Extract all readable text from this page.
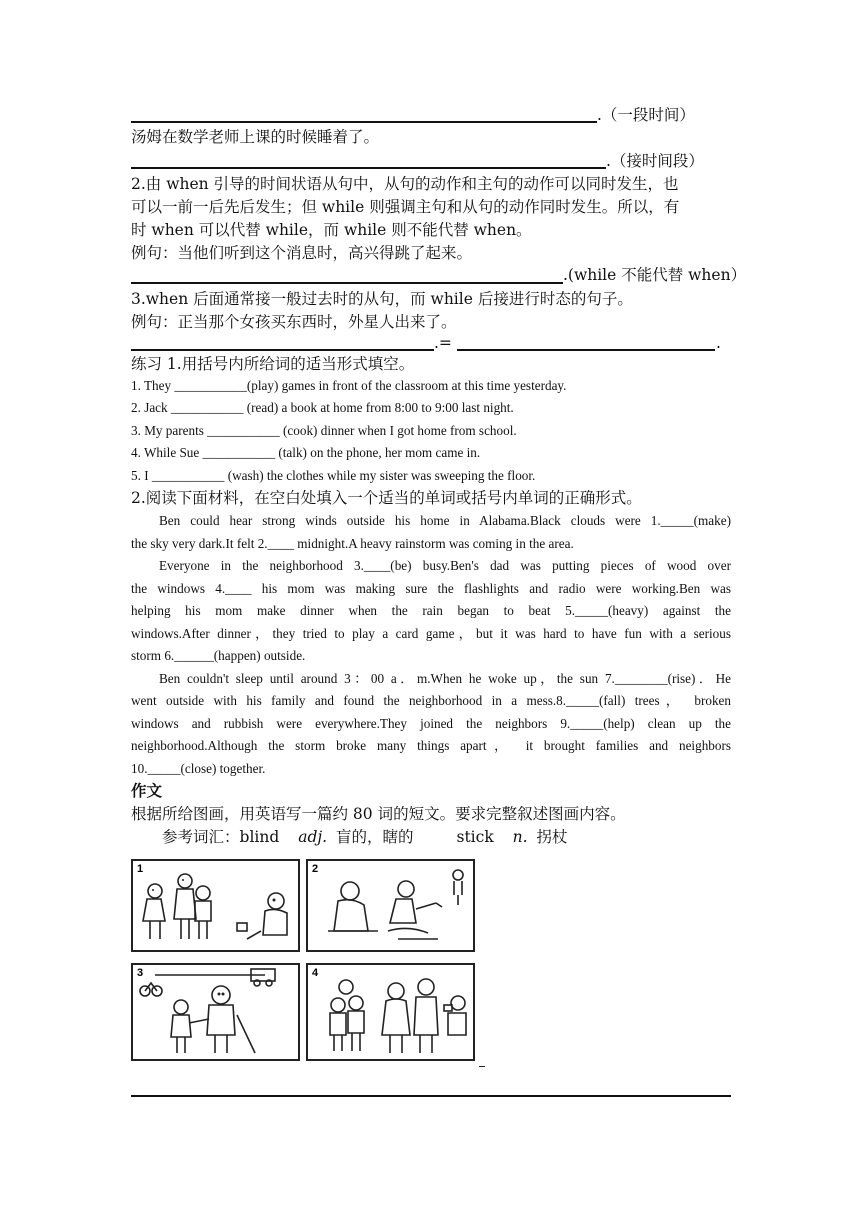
.（一段时间）
汤姆在数学老师上课的时候睡着了。
.（接时间段）
2.由 when 引导的时间状语从句中，从句的动作和主句的动作可以同时发生，也
可以一前一后先后发生；但 while 则强调主句和从句的动作同时发生。所以，有
时 when 可以代替 while，而 while 则不能代替 when。
例句：当他们听到这个消息时，高兴得跳了起来。
.(while 不能代替 when）
3.when 后面通常接一般过去时的从句，而 while 后接进行时态的句子。
例句：正当那个女孩买东西时，外星人出来了。
.=	.
练习 1.用括号内所给词的适当形式填空。
1. They ___________(play) games in front of the classroom at this time yesterday.
2. Jack ___________ (read) a book at home from 8:00 to 9:00 last night.
3. My parents ___________ (cook) dinner when I got home from school.
4. While Sue ___________ (talk) on the phone, her mom came in.
5. I ___________ (wash) the clothes while my sister was sweeping the floor.
2.阅读下面材料，在空白处填入一个适当的单词或括号内单词的正确形式。
Ben could hear strong winds outside his home in Alabama.Black clouds were 1._____(make)
the sky very dark.It felt 2.____ midnight.A heavy rainstorm was coming in the area.
Everyone in the neighborhood 3.____(be) busy.Ben's dad was putting pieces of wood over
the windows 4.____ his mom was making sure the flashlights and radio were working.Ben was
helping his mom make dinner when the rain began to beat 5._____(heavy) against the
windows.After dinner，they tried to play a card game，but it was hard to have fun with a serious
storm 6.______(happen) outside.
Ben couldn't sleep until around 3：00 a．m.When he woke up，the sun 7.________(rise)．He
went outside with his family and found the neighborhood in a mess.8._____(fall) trees， broken
windows and rubbish were everywhere.They joined the neighbors 9._____(help) clean up the
neighborhood.Although the storm broke many things apart， it brought families and neighbors
10._____(close) together.
作文
根据所给图画，用英语写一篇约 80 词的短文。要求完整叙述图画内容。
参考词汇：blind adj. 盲的，瞎的	stick n. 拐杖
1	2
3	4
